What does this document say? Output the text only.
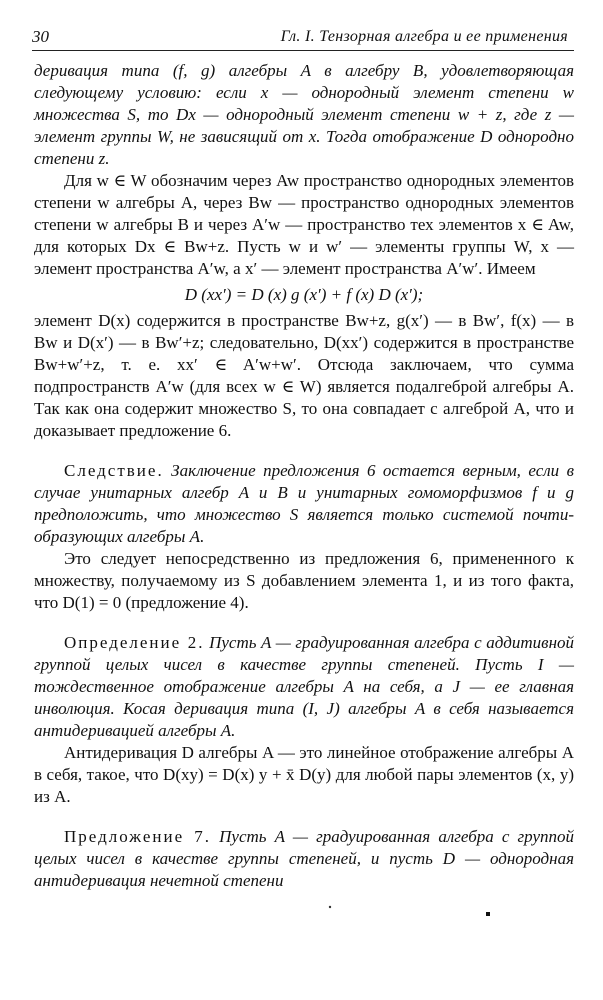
30	Гл. I. Тензорная алгебра и ее применения

деривация типа (f, g) алгебры A в алгебру B, удовлетворяющая следующему условию: если x — однородный элемент степени w множества S, то Dx — однородный элемент степени w + z, где z — элемент группы W, не зависящий от x. Тогда отображение D однородно степени z.

Для w ∈ W обозначим через Aw пространство однородных элементов степени w алгебры A, через Bw — пространство однородных элементов степени w алгебры B и через A′w — пространство тех элементов x ∈ Aw, для которых Dx ∈ Bw+z. Пусть w и w′ — элементы группы W, x — элемент пространства A′w, а x′ — элемент пространства A′w′. Имеем

D (xx′) = D (x) g (x′) + f (x) D (x′);

элемент D(x) содержится в пространстве Bw+z, g(x′) — в Bw′, f(x) — в Bw и D(x′) — в Bw′+z; следовательно, D(xx′) содержится в пространстве Bw+w′+z, т. е. xx′ ∈ A′w+w′. Отсюда заключаем, что сумма подпространств A′w (для всех w ∈ W) является подалгеброй алгебры A. Так как она содержит множество S, то она совпадает с алгеброй A, что и доказывает предложение 6.

Следствие. Заключение предложения 6 остается верным, если в случае унитарных алгебр A и B и унитарных гомоморфизмов f и g предположить, что множество S является только системой почти-образующих алгебры A.

Это следует непосредственно из предложения 6, примененного к множеству, получаемому из S добавлением элемента 1, и из того факта, что D(1) = 0 (предложение 4).

Определение 2. Пусть A — градуированная алгебра с аддитивной группой целых чисел в качестве группы степеней. Пусть I — тождественное отображение алгебры A на себя, а J — ее главная инволюция. Косая деривация типа (I, J) алгебры A в себя называется антидеривацией алгебры A.

Антидеривация D алгебры A — это линейное отображение алгебры A в себя, такое, что D(xy) = D(x) y + x̄ D(y) для любой пары элементов (x, y) из A.

Предложение 7. Пусть A — градуированная алгебра с группой целых чисел в качестве группы степеней, и пусть D — однородная антидеривация нечетной степени
